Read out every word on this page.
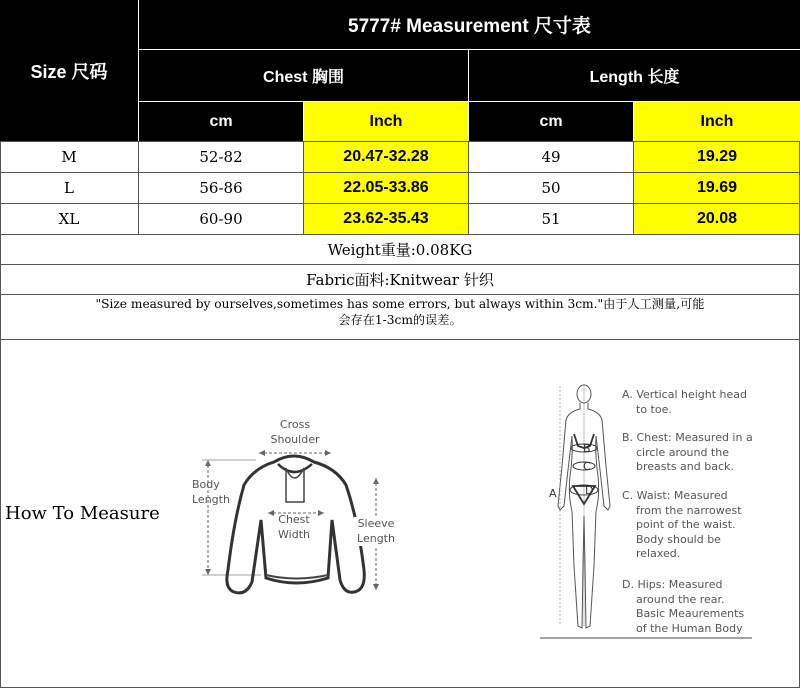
Size 尺码
5777# Measurement 尺寸表
Chest 胸围	Length 长度
cm	Inch	cm	Inch
M	52-82	20.47-32.28	49	19.29
L	56-86	22.05-33.86	50	19.69
XL	60-90	23.62-35.43	51	20.08
Weight重量:0.08KG
Fabric面料:Knitwear 针织
"Size measured by ourselves,sometimes has some errors, but always within 3cm."由于人工测量,可能
会存在1-3cm的误差。
How To Measure
Cross
Shoulder
Body
Length
Chest
Width
Sleeve
Length
A
B
C
D
A. Vertical height head
to toe.
B. Chest: Measured in a
circle around the
breasts and back.
C. Waist: Measured
from the narrowest
point of the waist.
Body should be
relaxed.
D. Hips: Measured
around the rear.
Basic Meaurements
of the Human Body
